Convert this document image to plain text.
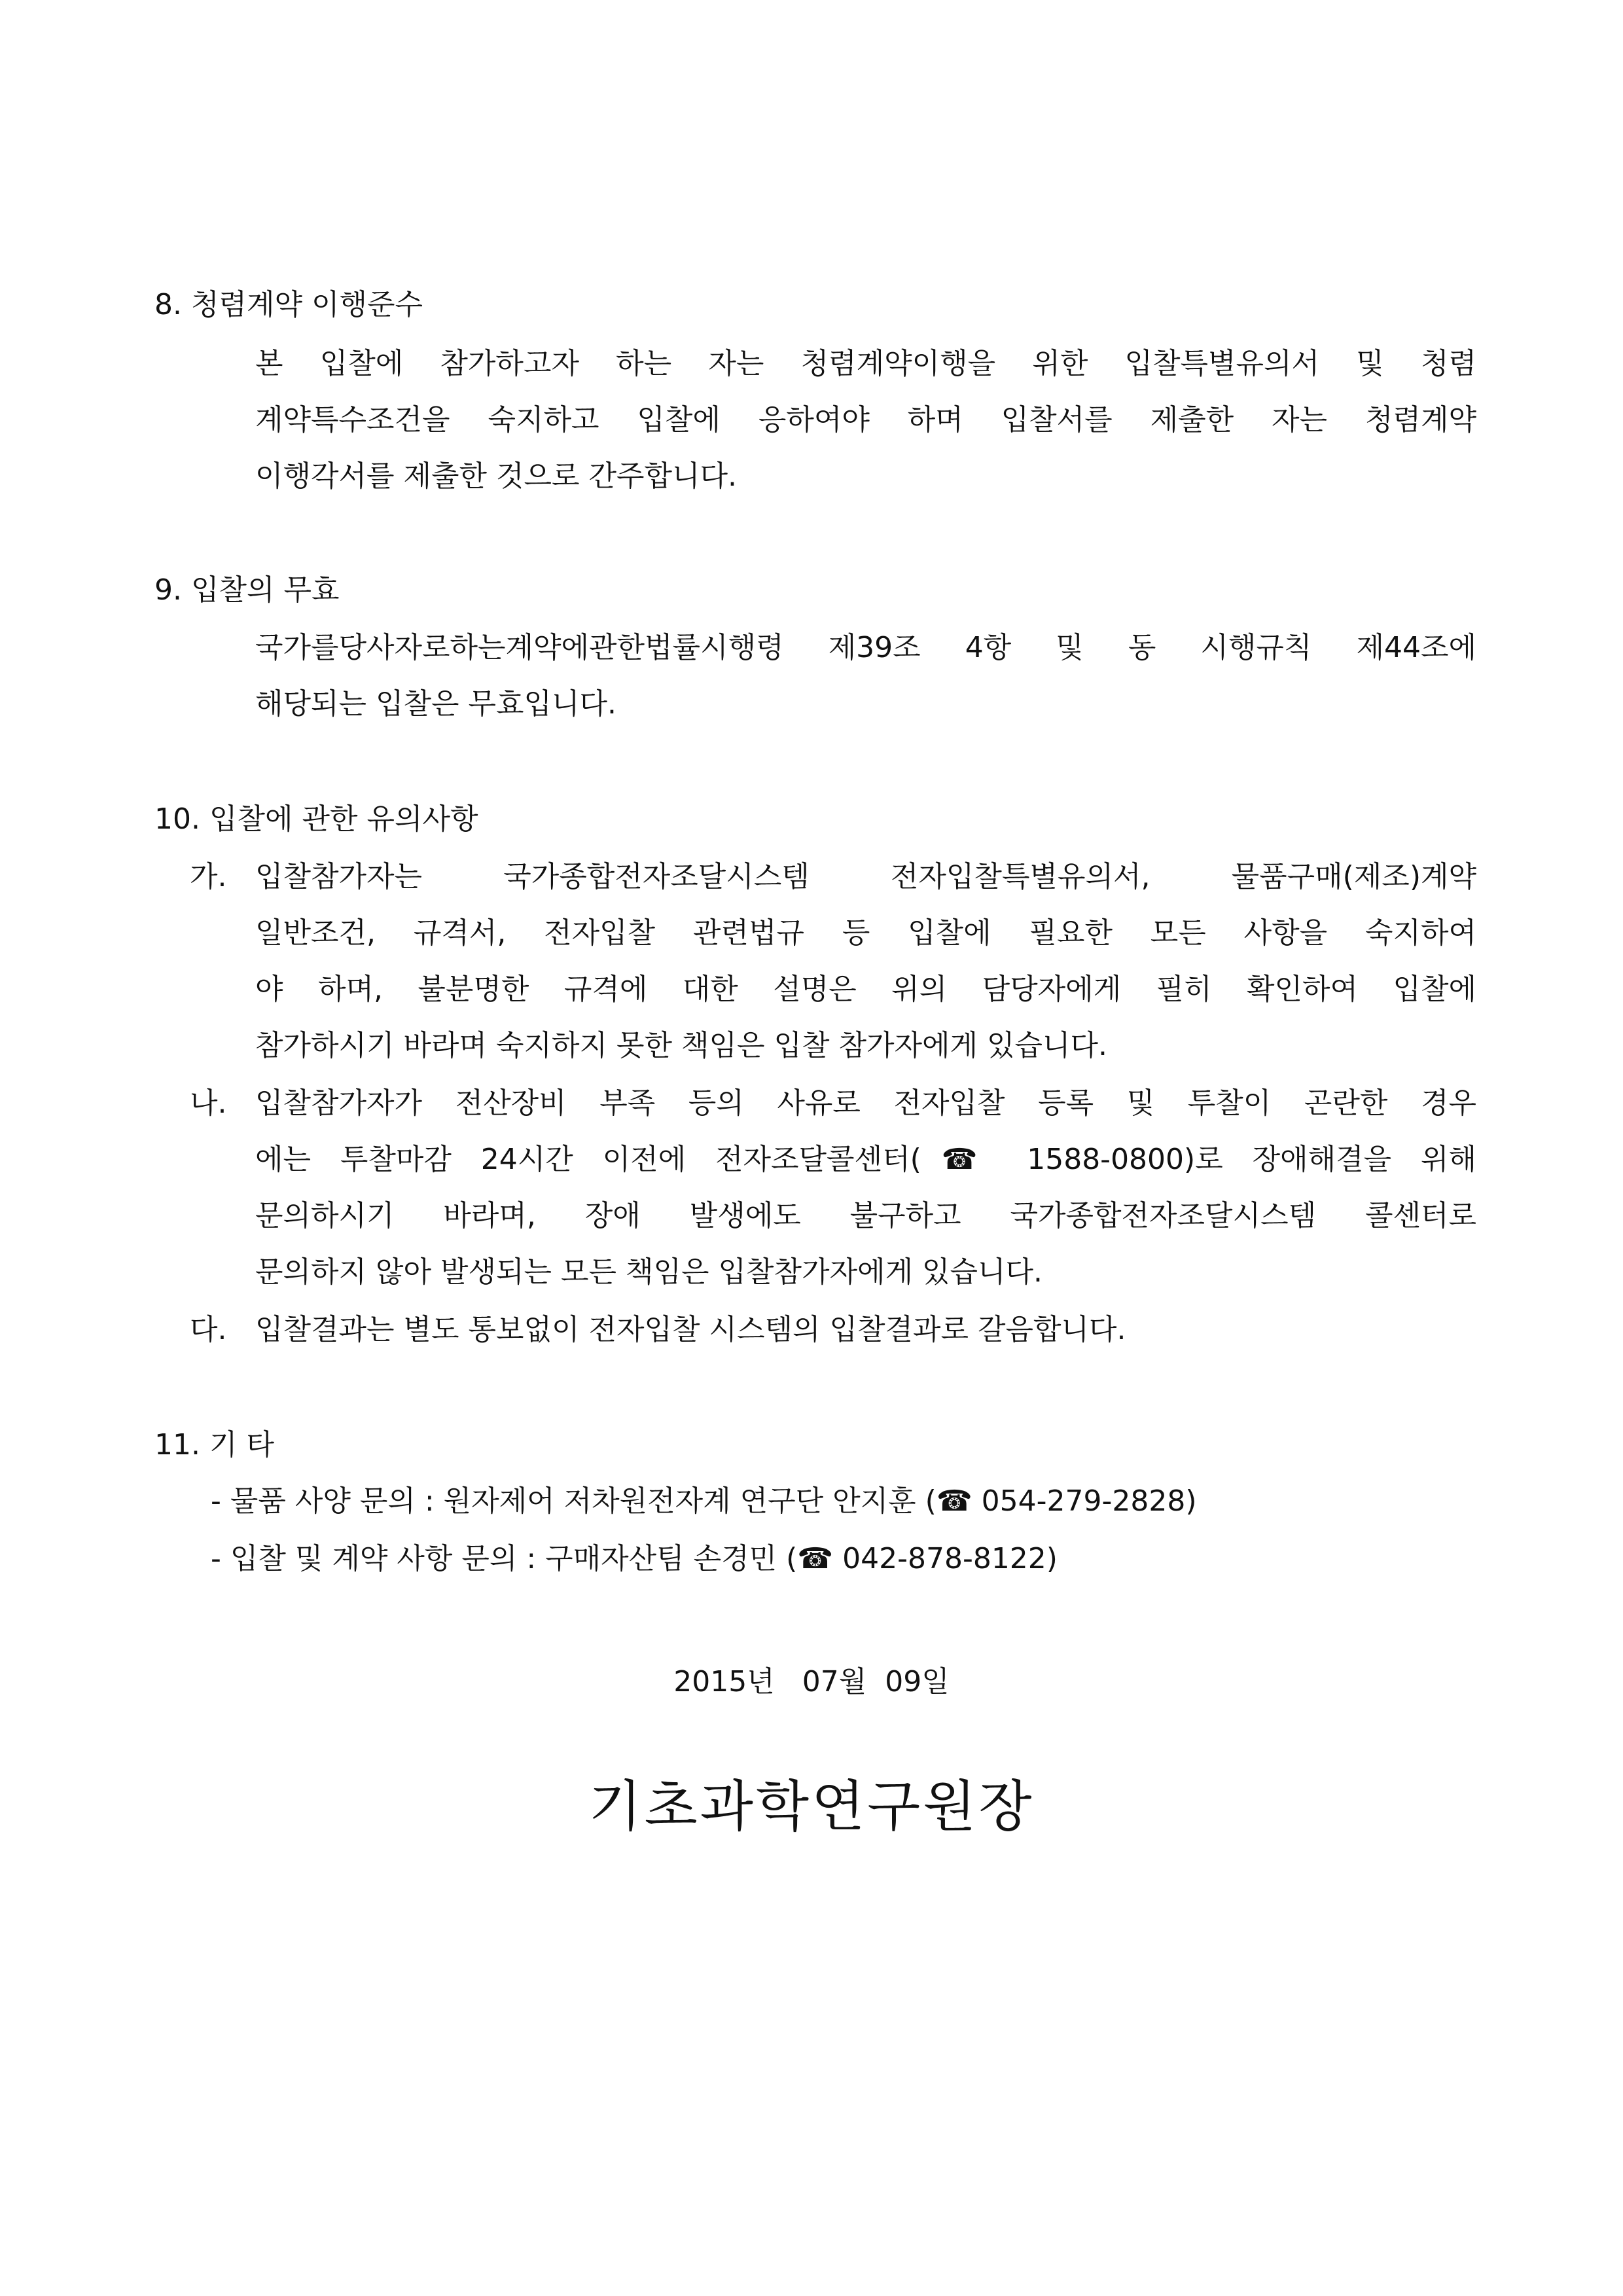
8. 청렴계약 이행준수
본 입찰에 참가하고자 하는 자는 청렴계약이행을 위한 입찰특별유의서 및 청렴
계약특수조건을 숙지하고 입찰에 응하여야 하며 입찰서를 제출한 자는 청렴계약
이행각서를 제출한 것으로 간주합니다.
9. 입찰의 무효
국가를당사자로하는계약에관한법률시행령 제39조 4항 및 동 시행규칙 제44조에
해당되는 입찰은 무효입니다.
10. 입찰에 관한 유의사항
가. 입찰참가자는 국가종합전자조달시스템 전자입찰특별유의서, 물품구매(제조)계약
일반조건, 규격서, 전자입찰 관련법규 등 입찰에 필요한 모든 사항을 숙지하여
야 하며, 불분명한 규격에 대한 설명은 위의 담당자에게 필히 확인하여 입찰에
참가하시기 바라며 숙지하지 못한 책임은 입찰 참가자에게 있습니다.
나. 입찰참가자가 전산장비 부족 등의 사유로 전자입찰 등록 및 투찰이 곤란한 경우
에는 투찰마감 24시간 이전에 전자조달콜센터(☎ 1588-0800)로 장애해결을 위해
문의하시기 바라며, 장애 발생에도 불구하고 국가종합전자조달시스템 콜센터로
문의하지 않아 발생되는 모든 책임은 입찰참가자에게 있습니다.
다. 입찰결과는 별도 통보없이 전자입찰 시스템의 입찰결과로 갈음합니다.
11. 기 타
- 물품 사양 문의 : 원자제어 저차원전자계 연구단 안지훈 (☎ 054-279-2828)
- 입찰 및 계약 사항 문의 : 구매자산팀 손경민 (☎ 042-878-8122)
2015년   07월  09일
기초과학연구원장
